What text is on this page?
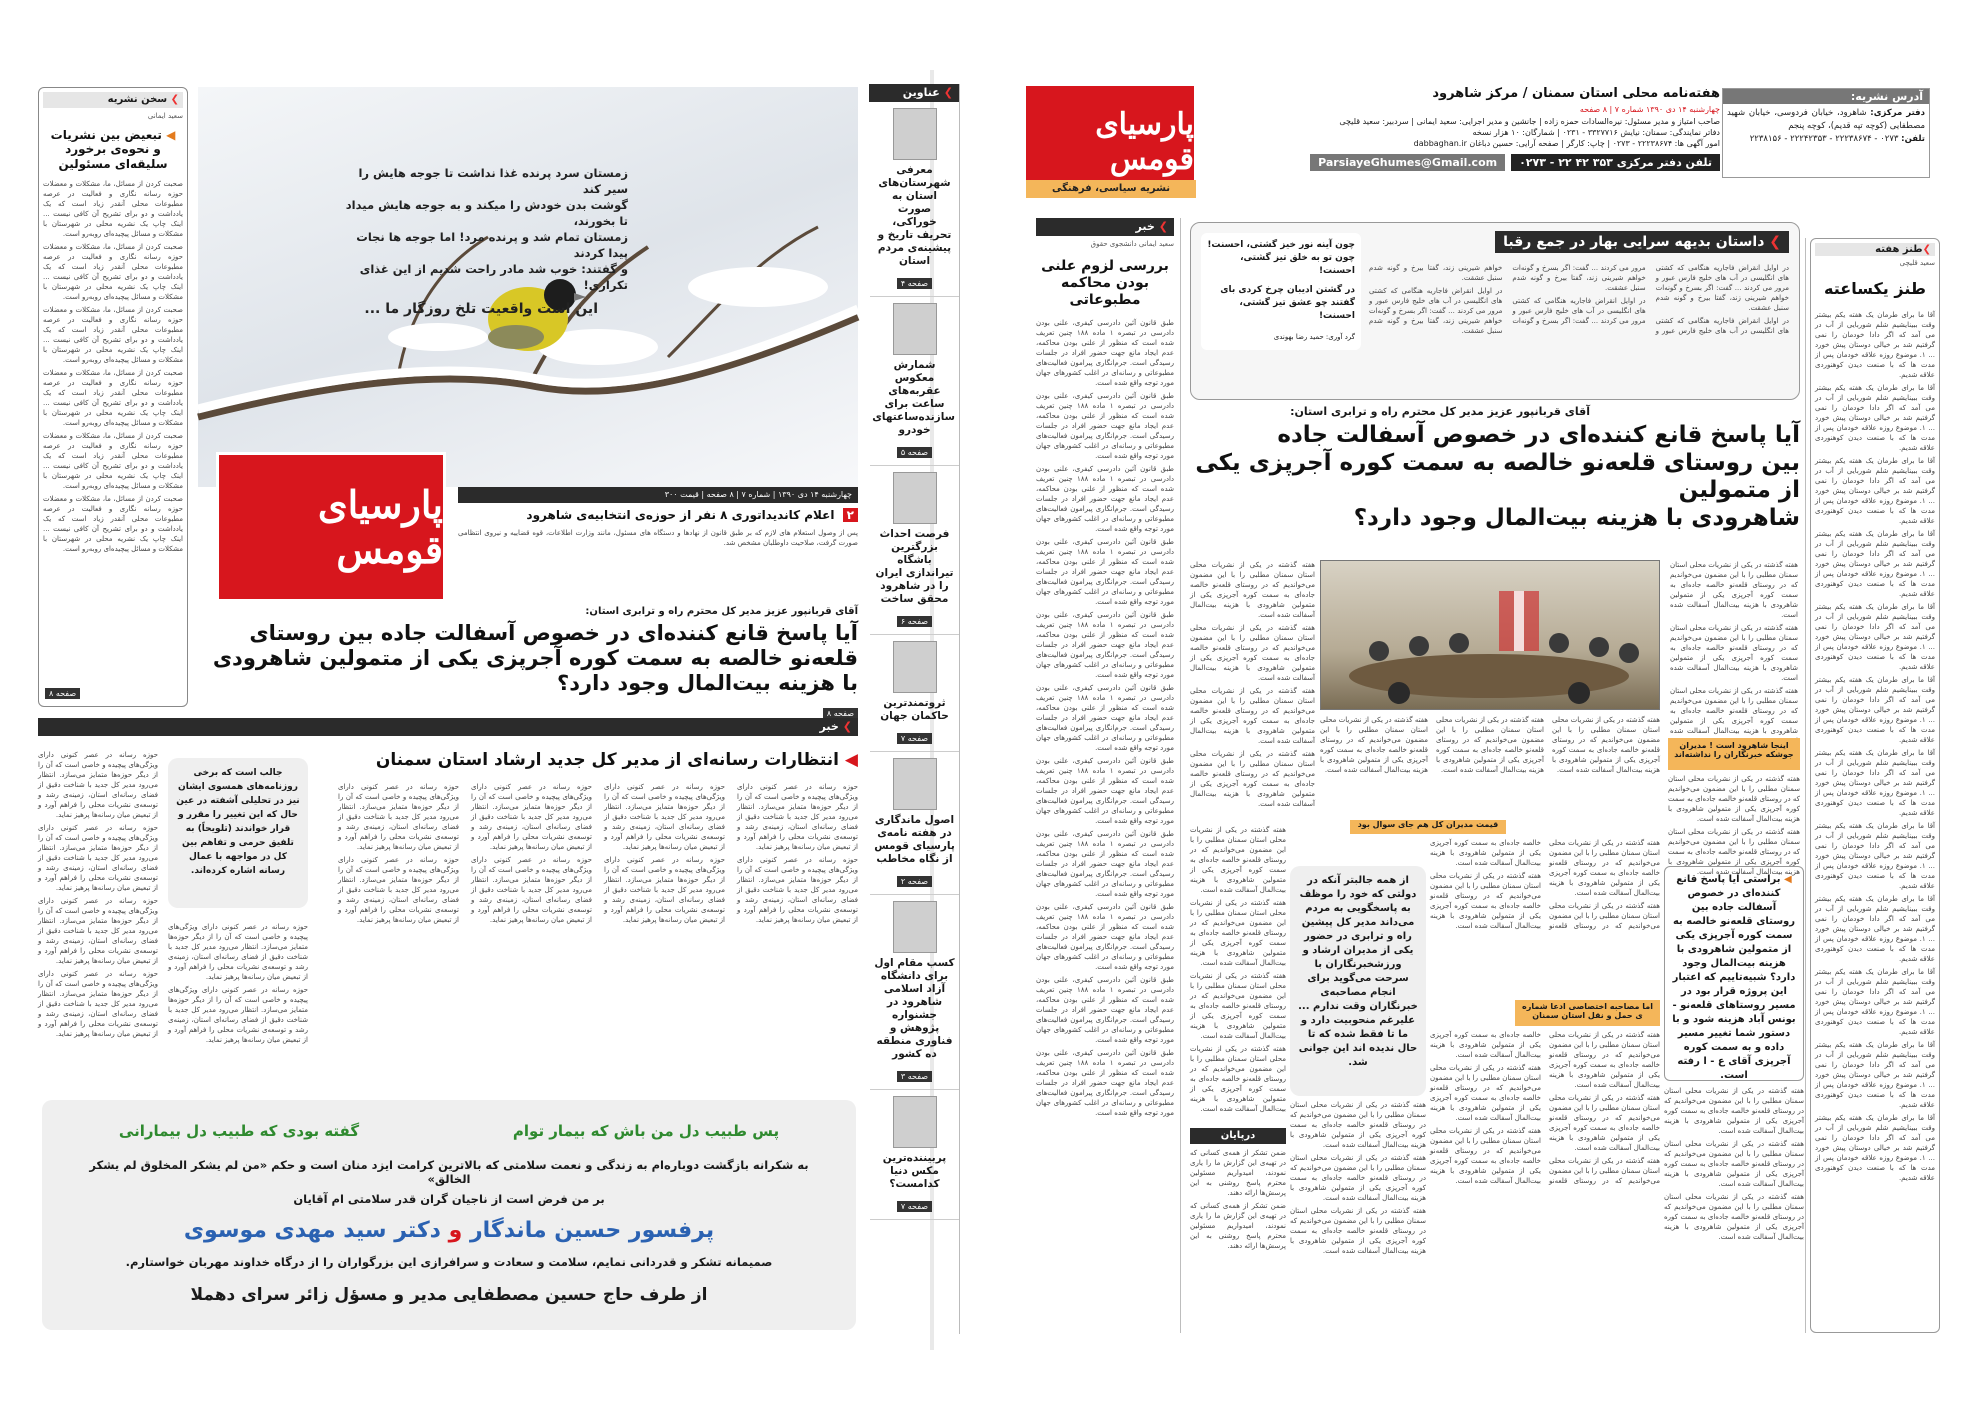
❯ سخن نشریه
سعید ایمانی
◀ تبعیض بین نشریات و نحوه‌ی برخورد سلیقه‌ای مسئولین

صحبت کردن از مسائل، ما، مشکلات و معضلات حوزه رسانه نگاری و فعالیت در عرصه مطبوعات محلی آنقدر زیاد است که یک یادداشت و دو برای تشریح آن کافی نیست ... اینک چاپ یک نشریه محلی در شهرستان با مشکلات و مسائل پیچیده‌ای روبه‌رو است.

صحبت کردن از مسائل، ما، مشکلات و معضلات حوزه رسانه نگاری و فعالیت در عرصه مطبوعات محلی آنقدر زیاد است که یک یادداشت و دو برای تشریح آن کافی نیست ... اینک چاپ یک نشریه محلی در شهرستان با مشکلات و مسائل پیچیده‌ای روبه‌رو است.

صحبت کردن از مسائل، ما، مشکلات و معضلات حوزه رسانه نگاری و فعالیت در عرصه مطبوعات محلی آنقدر زیاد است که یک یادداشت و دو برای تشریح آن کافی نیست ... اینک چاپ یک نشریه محلی در شهرستان با مشکلات و مسائل پیچیده‌ای روبه‌رو است.

صحبت کردن از مسائل، ما، مشکلات و معضلات حوزه رسانه نگاری و فعالیت در عرصه مطبوعات محلی آنقدر زیاد است که یک یادداشت و دو برای تشریح آن کافی نیست ... اینک چاپ یک نشریه محلی در شهرستان با مشکلات و مسائل پیچیده‌ای روبه‌رو است.

صحبت کردن از مسائل، ما، مشکلات و معضلات حوزه رسانه نگاری و فعالیت در عرصه مطبوعات محلی آنقدر زیاد است که یک یادداشت و دو برای تشریح آن کافی نیست ... اینک چاپ یک نشریه محلی در شهرستان با مشکلات و مسائل پیچیده‌ای روبه‌رو است.

صحبت کردن از مسائل، ما، مشکلات و معضلات حوزه رسانه نگاری و فعالیت در عرصه مطبوعات محلی آنقدر زیاد است که یک یادداشت و دو برای تشریح آن کافی نیست ... اینک چاپ یک نشریه محلی در شهرستان با مشکلات و مسائل پیچیده‌ای روبه‌رو است.

صفحه ۸
زمستان سرد پرنده غذا نداشت تا جوجه هایش را سیر کند
گوشت بدن خودش را میکند و به جوجه هایش میداد تا بخورند،
زمستان تمام شد و پرنده مرد! اما جوجه ها نجات پیدا کردند
و گفتند: خوب شد مادر راحت شدیم از این غذای تکراری!
این است واقعیت تلخ روزگار ما ...
پارسیای قومس
چهارشنبه ۱۴ دی ۱۳۹۰ | شماره ۷ | ۸ صفحه | قیمت ۳۰۰
۲ اعلام کاندیداتوری ۸ نفر از حوزه‌ی انتخابیه‌ی شاهرود
پس از وصول استعلام های لازم که بر طبق قانون از نهادها و دستگاه های مسئول، مانند وزارت اطلاعات، قوه قضاییه و نیروی انتظامی صورت گرفت، صلاحیت داوطلبان مشخص شد.
آقای قربانپور عزیز مدیر کل محترم راه و ترابری استان:
آیا پاسخ قانع کننده‌ای در خصوص آسفالت جاده بین روستای قلعه‌نو خالصه به سمت کوره آجرپزی یکی از متمولین شاهرودی با هزینه بیت‌المال وجود دارد؟
صفحه ۸
❯عناوین
معرفی شهرستان‌های استان به صورت خوراکی، تحریف تاریخ و پیشینه‌ی مردم استان
صفحه ۴
شمارش معکوس عقربه‌های ساعت برای سازنده‌ساعتهای خودرو
صفحه ۵
فرصت احداث بزرگترین باشگاه تیراندازی ایران را در شاهرود محقق ساخت
صفحه ۶
ثروتمندترین حاکمان جهان
صفحه ۷
اصول ماندگاری در هفته نامه‌ی پارسیای قومس از نگاه مخاطب
صفحه ۲
کسب مقام اول برای دانشگاه آزاد اسلامی شاهرود در جشنواره پژوهش و فناوری منطقه ده کشور
صفحه ۳
پربیننده‌ترین مکس دنیا کدامست؟
صفحه ۷
❯خبر
◀ انتظارات رسانه‌ای از مدیر کل جدید ارشاد استان سمنان

حوزه رسانه در عصر کنونی دارای ویژگی‌های پیچیده و خاصی است که آن را از دیگر حوزه‌ها متمایز می‌سازد. انتظار می‌رود مدیر کل جدید با شناخت دقیق از فضای رسانه‌ای استان، زمینه‌ی رشد و توسعه‌ی نشریات محلی را فراهم آورد و از تبعیض میان رسانه‌ها پرهیز نماید.

حوزه رسانه در عصر کنونی دارای ویژگی‌های پیچیده و خاصی است که آن را از دیگر حوزه‌ها متمایز می‌سازد. انتظار می‌رود مدیر کل جدید با شناخت دقیق از فضای رسانه‌ای استان، زمینه‌ی رشد و توسعه‌ی نشریات محلی را فراهم آورد و از تبعیض میان رسانه‌ها پرهیز نماید.

حوزه رسانه در عصر کنونی دارای ویژگی‌های پیچیده و خاصی است که آن را از دیگر حوزه‌ها متمایز می‌سازد. انتظار می‌رود مدیر کل جدید با شناخت دقیق از فضای رسانه‌ای استان، زمینه‌ی رشد و توسعه‌ی نشریات محلی را فراهم آورد و از تبعیض میان رسانه‌ها پرهیز نماید.

حوزه رسانه در عصر کنونی دارای ویژگی‌های پیچیده و خاصی است که آن را از دیگر حوزه‌ها متمایز می‌سازد. انتظار می‌رود مدیر کل جدید با شناخت دقیق از فضای رسانه‌ای استان، زمینه‌ی رشد و توسعه‌ی نشریات محلی را فراهم آورد و از تبعیض میان رسانه‌ها پرهیز نماید.

حوزه رسانه در عصر کنونی دارای ویژگی‌های پیچیده و خاصی است که آن را از دیگر حوزه‌ها متمایز می‌سازد. انتظار می‌رود مدیر کل جدید با شناخت دقیق از فضای رسانه‌ای استان، زمینه‌ی رشد و توسعه‌ی نشریات محلی را فراهم آورد و از تبعیض میان رسانه‌ها پرهیز نماید.

حوزه رسانه در عصر کنونی دارای ویژگی‌های پیچیده و خاصی است که آن را از دیگر حوزه‌ها متمایز می‌سازد. انتظار می‌رود مدیر کل جدید با شناخت دقیق از فضای رسانه‌ای استان، زمینه‌ی رشد و توسعه‌ی نشریات محلی را فراهم آورد و از تبعیض میان رسانه‌ها پرهیز نماید.

حوزه رسانه در عصر کنونی دارای ویژگی‌های پیچیده و خاصی است که آن را از دیگر حوزه‌ها متمایز می‌سازد. انتظار می‌رود مدیر کل جدید با شناخت دقیق از فضای رسانه‌ای استان، زمینه‌ی رشد و توسعه‌ی نشریات محلی را فراهم آورد و از تبعیض میان رسانه‌ها پرهیز نماید.

حوزه رسانه در عصر کنونی دارای ویژگی‌های پیچیده و خاصی است که آن را از دیگر حوزه‌ها متمایز می‌سازد. انتظار می‌رود مدیر کل جدید با شناخت دقیق از فضای رسانه‌ای استان، زمینه‌ی رشد و توسعه‌ی نشریات محلی را فراهم آورد و از تبعیض میان رسانه‌ها پرهیز نماید.

جالب است که برخی روزنامه‌های همسوی ایشان نیز در تحلیلی آشفته در عین حال که این تغییر را مقرر و قرار خواندند (تلویحاً) به تلفیق حرمی و تفاهم بین کل در مواجهه با عمال رسانه اشاره کرده‌اند.

حوزه رسانه در عصر کنونی دارای ویژگی‌های پیچیده و خاصی است که آن را از دیگر حوزه‌ها متمایز می‌سازد. انتظار می‌رود مدیر کل جدید با شناخت دقیق از فضای رسانه‌ای استان، زمینه‌ی رشد و توسعه‌ی نشریات محلی را فراهم آورد و از تبعیض میان رسانه‌ها پرهیز نماید.

حوزه رسانه در عصر کنونی دارای ویژگی‌های پیچیده و خاصی است که آن را از دیگر حوزه‌ها متمایز می‌سازد. انتظار می‌رود مدیر کل جدید با شناخت دقیق از فضای رسانه‌ای استان، زمینه‌ی رشد و توسعه‌ی نشریات محلی را فراهم آورد و از تبعیض میان رسانه‌ها پرهیز نماید.

حوزه رسانه در عصر کنونی دارای ویژگی‌های پیچیده و خاصی است که آن را از دیگر حوزه‌ها متمایز می‌سازد. انتظار می‌رود مدیر کل جدید با شناخت دقیق از فضای رسانه‌ای استان، زمینه‌ی رشد و توسعه‌ی نشریات محلی را فراهم آورد و از تبعیض میان رسانه‌ها پرهیز نماید.

حوزه رسانه در عصر کنونی دارای ویژگی‌های پیچیده و خاصی است که آن را از دیگر حوزه‌ها متمایز می‌سازد. انتظار می‌رود مدیر کل جدید با شناخت دقیق از فضای رسانه‌ای استان، زمینه‌ی رشد و توسعه‌ی نشریات محلی را فراهم آورد و از تبعیض میان رسانه‌ها پرهیز نماید.

حوزه رسانه در عصر کنونی دارای ویژگی‌های پیچیده و خاصی است که آن را از دیگر حوزه‌ها متمایز می‌سازد. انتظار می‌رود مدیر کل جدید با شناخت دقیق از فضای رسانه‌ای استان، زمینه‌ی رشد و توسعه‌ی نشریات محلی را فراهم آورد و از تبعیض میان رسانه‌ها پرهیز نماید.

حوزه رسانه در عصر کنونی دارای ویژگی‌های پیچیده و خاصی است که آن را از دیگر حوزه‌ها متمایز می‌سازد. انتظار می‌رود مدیر کل جدید با شناخت دقیق از فضای رسانه‌ای استان، زمینه‌ی رشد و توسعه‌ی نشریات محلی را فراهم آورد و از تبعیض میان رسانه‌ها پرهیز نماید.

پس طبیب دل من باش که بیمار توام
گفته بودی که طبیب دل بیمارانی
به شکرانه بازگشت دوباره‌ام به زندگی و نعمت سلامتی که بالاترین کرامت ایزد منان است و حکم «من لم یشکر المخلوق لم یشکر الخالق»
بر من فرض است از ناجیان گران قدر سلامتی ام آقایان
پرفسور حسین ماندگار و دکتر سید مهدی موسوی
صمیمانه تشکر و قدردانی نمایم، سلامت و سعادت و سرافرازی این بزرگواران را از درگاه خداوند مهربان خواستارم.
از طرف حاج حسین مصطفایی مدیر و مسؤل زائر سرای دهملا
پارسیای قومس
نشریه سیاسی، فرهنگی
هفته‌نامه محلی استان سمنان / مرکز شاهرود
چهارشنبه ۱۴ دی ۱۳۹۰ شماره ۷ | ۸ صفحه
صاحب امتیاز و مدیر مسئول: نیره‌السادات حمزه زاده | جانشین و مدیر اجرایی: سعید ایمانی | سردبیر: سعید قلیچی
دفاتر نمایندگی: سمنان: نیایش ۳۳۲۷۷۱۶ - ۰۲۳۱ | شمارگان: ۱۰ هزار نسخه
امور آگهی ها: ۲۲۲۳۸۶۷۴ - ۰۲۷۳ | چاپ: کارگر | صفحه آرایی: حسین دباغان dabbaghan.ir
تلفن دفتر مرکزی ۳۵۳ ۴۲ ۲۲ - ۰۲۷۳
ParsiayeGhumes@Gmail.com
آدرس نشریه:
دفتر مرکزی: شاهرود، خیابان فردوسی، خیابان شهید مصطفایی (کوچه تپه قدیم)، کوچه پنجم
تلفن: ۰۲۷۳ - ۲۲۲۳۸۶۷۴ - ۲۲۲۴۲۳۵۳ - ۲۲۳۸۱۵۶
❯طنز هفته
سعید قلیچی
طنز یکساعته

آقا ما برای طرمان یک هفته یکم بیشتر وقت ببینایشیم شلم شوربایی از آب در می آمد که اگر دادا خودمان را نمی گرفتیم شد بر خیالی دوستان پیش خورد ... ۱. موضوع روزه علاقه خودمان پس از مدت ها که با صنعت دیدن کوهنوردی علاقه شدیم.

آقا ما برای طرمان یک هفته یکم بیشتر وقت ببینایشیم شلم شوربایی از آب در می آمد که اگر دادا خودمان را نمی گرفتیم شد بر خیالی دوستان پیش خورد ... ۱. موضوع روزه علاقه خودمان پس از مدت ها که با صنعت دیدن کوهنوردی علاقه شدیم.

آقا ما برای طرمان یک هفته یکم بیشتر وقت ببینایشیم شلم شوربایی از آب در می آمد که اگر دادا خودمان را نمی گرفتیم شد بر خیالی دوستان پیش خورد ... ۱. موضوع روزه علاقه خودمان پس از مدت ها که با صنعت دیدن کوهنوردی علاقه شدیم.

آقا ما برای طرمان یک هفته یکم بیشتر وقت ببینایشیم شلم شوربایی از آب در می آمد که اگر دادا خودمان را نمی گرفتیم شد بر خیالی دوستان پیش خورد ... ۱. موضوع روزه علاقه خودمان پس از مدت ها که با صنعت دیدن کوهنوردی علاقه شدیم.

آقا ما برای طرمان یک هفته یکم بیشتر وقت ببینایشیم شلم شوربایی از آب در می آمد که اگر دادا خودمان را نمی گرفتیم شد بر خیالی دوستان پیش خورد ... ۱. موضوع روزه علاقه خودمان پس از مدت ها که با صنعت دیدن کوهنوردی علاقه شدیم.

آقا ما برای طرمان یک هفته یکم بیشتر وقت ببینایشیم شلم شوربایی از آب در می آمد که اگر دادا خودمان را نمی گرفتیم شد بر خیالی دوستان پیش خورد ... ۱. موضوع روزه علاقه خودمان پس از مدت ها که با صنعت دیدن کوهنوردی علاقه شدیم.

آقا ما برای طرمان یک هفته یکم بیشتر وقت ببینایشیم شلم شوربایی از آب در می آمد که اگر دادا خودمان را نمی گرفتیم شد بر خیالی دوستان پیش خورد ... ۱. موضوع روزه علاقه خودمان پس از مدت ها که با صنعت دیدن کوهنوردی علاقه شدیم.

آقا ما برای طرمان یک هفته یکم بیشتر وقت ببینایشیم شلم شوربایی از آب در می آمد که اگر دادا خودمان را نمی گرفتیم شد بر خیالی دوستان پیش خورد ... ۱. موضوع روزه علاقه خودمان پس از مدت ها که با صنعت دیدن کوهنوردی علاقه شدیم.

آقا ما برای طرمان یک هفته یکم بیشتر وقت ببینایشیم شلم شوربایی از آب در می آمد که اگر دادا خودمان را نمی گرفتیم شد بر خیالی دوستان پیش خورد ... ۱. موضوع روزه علاقه خودمان پس از مدت ها که با صنعت دیدن کوهنوردی علاقه شدیم.

آقا ما برای طرمان یک هفته یکم بیشتر وقت ببینایشیم شلم شوربایی از آب در می آمد که اگر دادا خودمان را نمی گرفتیم شد بر خیالی دوستان پیش خورد ... ۱. موضوع روزه علاقه خودمان پس از مدت ها که با صنعت دیدن کوهنوردی علاقه شدیم.

آقا ما برای طرمان یک هفته یکم بیشتر وقت ببینایشیم شلم شوربایی از آب در می آمد که اگر دادا خودمان را نمی گرفتیم شد بر خیالی دوستان پیش خورد ... ۱. موضوع روزه علاقه خودمان پس از مدت ها که با صنعت دیدن کوهنوردی علاقه شدیم.

آقا ما برای طرمان یک هفته یکم بیشتر وقت ببینایشیم شلم شوربایی از آب در می آمد که اگر دادا خودمان را نمی گرفتیم شد بر خیالی دوستان پیش خورد ... ۱. موضوع روزه علاقه خودمان پس از مدت ها که با صنعت دیدن کوهنوردی علاقه شدیم.

❯خبر
سعید ایمانی دانشجوی حقوق
بررسی لزوم علنی بودن محاکمه مطبوعاتی

طبق قانون آئین دادرسی کیفری، علنی بودن دادرسی در تبصره ۱ ماده ۱۸۸ چنین تعریف شده است که منظور از علنی بودن محاکمه، عدم ایجاد مانع جهت حضور افراد در جلسات رسیدگی است. جرم‌انگاری پیرامون فعالیت‌های مطبوعاتی و رسانه‌ای در اغلب کشورهای جهان مورد توجه واقع شده است.

طبق قانون آئین دادرسی کیفری، علنی بودن دادرسی در تبصره ۱ ماده ۱۸۸ چنین تعریف شده است که منظور از علنی بودن محاکمه، عدم ایجاد مانع جهت حضور افراد در جلسات رسیدگی است. جرم‌انگاری پیرامون فعالیت‌های مطبوعاتی و رسانه‌ای در اغلب کشورهای جهان مورد توجه واقع شده است.

طبق قانون آئین دادرسی کیفری، علنی بودن دادرسی در تبصره ۱ ماده ۱۸۸ چنین تعریف شده است که منظور از علنی بودن محاکمه، عدم ایجاد مانع جهت حضور افراد در جلسات رسیدگی است. جرم‌انگاری پیرامون فعالیت‌های مطبوعاتی و رسانه‌ای در اغلب کشورهای جهان مورد توجه واقع شده است.

طبق قانون آئین دادرسی کیفری، علنی بودن دادرسی در تبصره ۱ ماده ۱۸۸ چنین تعریف شده است که منظور از علنی بودن محاکمه، عدم ایجاد مانع جهت حضور افراد در جلسات رسیدگی است. جرم‌انگاری پیرامون فعالیت‌های مطبوعاتی و رسانه‌ای در اغلب کشورهای جهان مورد توجه واقع شده است.

طبق قانون آئین دادرسی کیفری، علنی بودن دادرسی در تبصره ۱ ماده ۱۸۸ چنین تعریف شده است که منظور از علنی بودن محاکمه، عدم ایجاد مانع جهت حضور افراد در جلسات رسیدگی است. جرم‌انگاری پیرامون فعالیت‌های مطبوعاتی و رسانه‌ای در اغلب کشورهای جهان مورد توجه واقع شده است.

طبق قانون آئین دادرسی کیفری، علنی بودن دادرسی در تبصره ۱ ماده ۱۸۸ چنین تعریف شده است که منظور از علنی بودن محاکمه، عدم ایجاد مانع جهت حضور افراد در جلسات رسیدگی است. جرم‌انگاری پیرامون فعالیت‌های مطبوعاتی و رسانه‌ای در اغلب کشورهای جهان مورد توجه واقع شده است.

طبق قانون آئین دادرسی کیفری، علنی بودن دادرسی در تبصره ۱ ماده ۱۸۸ چنین تعریف شده است که منظور از علنی بودن محاکمه، عدم ایجاد مانع جهت حضور افراد در جلسات رسیدگی است. جرم‌انگاری پیرامون فعالیت‌های مطبوعاتی و رسانه‌ای در اغلب کشورهای جهان مورد توجه واقع شده است.

طبق قانون آئین دادرسی کیفری، علنی بودن دادرسی در تبصره ۱ ماده ۱۸۸ چنین تعریف شده است که منظور از علنی بودن محاکمه، عدم ایجاد مانع جهت حضور افراد در جلسات رسیدگی است. جرم‌انگاری پیرامون فعالیت‌های مطبوعاتی و رسانه‌ای در اغلب کشورهای جهان مورد توجه واقع شده است.

طبق قانون آئین دادرسی کیفری، علنی بودن دادرسی در تبصره ۱ ماده ۱۸۸ چنین تعریف شده است که منظور از علنی بودن محاکمه، عدم ایجاد مانع جهت حضور افراد در جلسات رسیدگی است. جرم‌انگاری پیرامون فعالیت‌های مطبوعاتی و رسانه‌ای در اغلب کشورهای جهان مورد توجه واقع شده است.

طبق قانون آئین دادرسی کیفری، علنی بودن دادرسی در تبصره ۱ ماده ۱۸۸ چنین تعریف شده است که منظور از علنی بودن محاکمه، عدم ایجاد مانع جهت حضور افراد در جلسات رسیدگی است. جرم‌انگاری پیرامون فعالیت‌های مطبوعاتی و رسانه‌ای در اغلب کشورهای جهان مورد توجه واقع شده است.

طبق قانون آئین دادرسی کیفری، علنی بودن دادرسی در تبصره ۱ ماده ۱۸۸ چنین تعریف شده است که منظور از علنی بودن محاکمه، عدم ایجاد مانع جهت حضور افراد در جلسات رسیدگی است. جرم‌انگاری پیرامون فعالیت‌های مطبوعاتی و رسانه‌ای در اغلب کشورهای جهان مورد توجه واقع شده است.

❯ داستان بدیهه سرایی بهار در جمع رقبا

در اوایل انقراض فاجاریه هنگامی که کشتی های انگلیسی در آب های خلیج فارس عبور و مرور می کردند ... گفت: اگر بسرخ و گونه‌ات خواهم شیرینی زند، گفتا بیرخ و گونه شدم سنبل عشقت.

در اوایل انقراض فاجاریه هنگامی که کشتی های انگلیسی در آب های خلیج فارس عبور و مرور می کردند ... گفت: اگر بسرخ و گونه‌ات خواهم شیرینی زند، گفتا بیرخ و گونه شدم سنبل عشقت.

در اوایل انقراض فاجاریه هنگامی که کشتی های انگلیسی در آب های خلیج فارس عبور و مرور می کردند ... گفت: اگر بسرخ و گونه‌ات خواهم شیرینی زند، گفتا بیرخ و گونه شدم سنبل عشقت.

در اوایل انقراض فاجاریه هنگامی که کشتی های انگلیسی در آب های خلیج فارس عبور و مرور می کردند ... گفت: اگر بسرخ و گونه‌ات خواهم شیرینی زند، گفتا بیرخ و گونه شدم سنبل عشقت.

چون آینه نور خیز گشتی، احسنت! چون تو به خلق تیز گشتی، احسنت!
در گشتن ادیبان چرخ کردی بای گفتند چو عشق تیز گشتی، احسنت!
گرد آوری: حمید رضا بهوندی
آقای قربانپور عزیز مدیر کل محترم راه و ترابری استان:
آیا پاسخ قانع کننده‌ای در خصوص آسفالت جاده
بین روستای قلعه‌نو خالصه به سمت کوره آجرپزی یکی از متمولین
شاهرودی با هزینه بیت‌المال وجود دارد؟

هفته گذشته در یکی از نشریات محلی استان سمنان مطلبی را با این مضمون می‌خواندیم که در روستای قلعه‌نو خالصه جاده‌ای به سمت کوره آجرپزی یکی از متمولین شاهرودی با هزینه بیت‌المال آسفالت شده است.

هفته گذشته در یکی از نشریات محلی استان سمنان مطلبی را با این مضمون می‌خواندیم که در روستای قلعه‌نو خالصه جاده‌ای به سمت کوره آجرپزی یکی از متمولین شاهرودی با هزینه بیت‌المال آسفالت شده است.

هفته گذشته در یکی از نشریات محلی استان سمنان مطلبی را با این مضمون می‌خواندیم که در روستای قلعه‌نو خالصه جاده‌ای به سمت کوره آجرپزی یکی از متمولین شاهرودی با هزینه بیت‌المال آسفالت شده

هفته گذشته در یکی از نشریات محلی استان سمنان مطلبی را با این مضمون می‌خواندیم که در روستای قلعه‌نو خالصه جاده‌ای به سمت کوره آجرپزی یکی از متمولین شاهرودی با هزینه بیت‌المال آسفالت شده است.

هفته گذشته در یکی از نشریات محلی استان سمنان مطلبی را با این مضمون می‌خواندیم که در روستای قلعه‌نو خالصه جاده‌ای به سمت کوره آجرپزی یکی از متمولین شاهرودی با هزینه بیت‌المال آسفالت شده است.

هفته گذشته در یکی از نشریات محلی استان سمنان مطلبی را با این مضمون می‌خواندیم که در روستای قلعه‌نو خالصه جاده‌ای به سمت کوره آجرپزی یکی از متمولین شاهرودی با هزینه بیت‌المال آسفالت شده است.

هفته گذشته در یکی از نشریات محلی استان سمنان مطلبی را با این مضمون می‌خواندیم که در روستای قلعه‌نو خالصه جاده‌ای به سمت کوره آجرپزی یکی از متمولین شاهرودی با هزینه بیت‌المال آسفالت شده است.

هفته گذشته در یکی از نشریات محلی استان سمنان مطلبی را با این مضمون می‌خواندیم که در روستای قلعه‌نو خالصه جاده‌ای به سمت کوره آجرپزی یکی از متمولین شاهرودی با هزینه بیت‌المال آسفالت شده است.

هفته گذشته در یکی از نشریات محلی استان سمنان مطلبی را با این مضمون می‌خواندیم که در روستای قلعه‌نو خالصه جاده‌ای به سمت کوره آجرپزی یکی از متمولین شاهرودی با هزینه بیت‌المال آسفالت شده است.

هفته گذشته در یکی از نشریات محلی استان سمنان مطلبی را با این مضمون می‌خواندیم که در روستای قلعه‌نو خالصه جاده‌ای به سمت کوره آجرپزی یکی از متمولین شاهرودی با هزینه بیت‌المال آسفالت شده است.

اینجا شاهرود است ! مدیران جوشکه خبرنگاران را نداشته‌اند

هفته گذشته در یکی از نشریات محلی استان سمنان مطلبی را با این مضمون می‌خواندیم که در روستای قلعه‌نو خالصه جاده‌ای به سمت کوره آجرپزی یکی از متمولین شاهرودی با هزینه بیت‌المال آسفالت شده است.

هفته گذشته در یکی از نشریات محلی استان سمنان مطلبی را با این مضمون می‌خواندیم که در روستای قلعه‌نو خالصه جاده‌ای به سمت کوره آجرپزی یکی از متمولین شاهرودی با هزینه بیت‌المال آسفالت شده است.

◀ براستی آیا پاسخ قانع کننده‌ای در خصوص آسفالت جاده بین روستای قلعه‌نو خالصه به سمت کوره آجرپزی یکی از متمولین شاهرودی با هزینه بیت‌المال وجود دارد؟ شبیه‌تاییم که اعتبار این پروژه قرار بود در مسیر روستاهای قلعه‌نو - بونس آباد هزینه شود و با دستور شما تغییر مسیر داده و به سمت کوره آجرپزی آقای ع - ا رفته است.
از همه جالبتر آنکه در دولتی که خود را موظف به پاسخگویی به مردم می‌داند مدیر کل پیشین راه و ترابری در حضور یکی از مدیران ارشاد و ورزشخبرنگاران با سرحت می‌گوید برای انجام مصاحبه‌ی خبرنگاران وقت ندارم ... علیرغم منحوبیت دارد و ما تا فقط شده که تا حال نديده اند این جوانی شد.
قیمت مدیران کل هم جای سوال بود

هفته گذشته در یکی از نشریات محلی استان سمنان مطلبی را با این مضمون می‌خواندیم که در روستای قلعه‌نو خالصه جاده‌ای به سمت کوره آجرپزی یکی از متمولین شاهرودی با هزینه بیت‌المال آسفالت شده است.

هفته گذشته در یکی از نشریات محلی استان سمنان مطلبی را با این مضمون می‌خواندیم که در روستای قلعه‌نو خالصه جاده‌ای به سمت کوره آجرپزی یکی از متمولین شاهرودی با هزینه بیت‌المال آسفالت شده است.

هفته گذشته در یکی از نشریات محلی استان سمنان مطلبی را با این مضمون می‌خواندیم که در روستای قلعه‌نو خالصه جاده‌ای به سمت کوره آجرپزی یکی از متمولین شاهرودی با هزینه بیت‌المال آسفالت شده است.

اما مصاحبه اختصاصی ادعا شماره ی حمل و نقل استان سمنان

هفته گذشته در یکی از نشریات محلی استان سمنان مطلبی را با این مضمون می‌خواندیم که در روستای قلعه‌نو خالصه جاده‌ای به سمت کوره آجرپزی یکی از متمولین شاهرودی با هزینه بیت‌المال آسفالت شده است.

هفته گذشته در یکی از نشریات محلی استان سمنان مطلبی را با این مضمون می‌خواندیم که در روستای قلعه‌نو خالصه جاده‌ای به سمت کوره آجرپزی یکی از متمولین شاهرودی با هزینه بیت‌المال آسفالت شده است.

هفته گذشته در یکی از نشریات محلی استان سمنان مطلبی را با این مضمون می‌خواندیم که در روستای قلعه‌نو خالصه جاده‌ای به سمت کوره آجرپزی یکی از متمولین شاهرودی با هزینه بیت‌المال آسفالت شده است.

هفته گذشته در یکی از نشریات محلی استان سمنان مطلبی را با این مضمون می‌خواندیم که در روستای قلعه‌نو خالصه جاده‌ای به سمت کوره آجرپزی یکی از متمولین شاهرودی با هزینه بیت‌المال آسفالت شده است.

هفته گذشته در یکی از نشریات محلی استان سمنان مطلبی را با این مضمون می‌خواندیم که در روستای قلعه‌نو خالصه جاده‌ای به سمت کوره آجرپزی یکی از متمولین شاهرودی با هزینه بیت‌المال آسفالت شده است.

هفته گذشته در یکی از نشریات محلی استان سمنان مطلبی را با این مضمون می‌خواندیم که در روستای قلعه‌نو خالصه جاده‌ای به سمت کوره آجرپزی یکی از متمولین شاهرودی با هزینه بیت‌المال آسفالت شده است.

هفته گذشته در یکی از نشریات محلی استان سمنان مطلبی را با این مضمون می‌خواندیم که در روستای قلعه‌نو خالصه جاده‌ای به سمت کوره آجرپزی یکی از متمولین شاهرودی با هزینه بیت‌المال آسفالت شده است.

هفته گذشته در یکی از نشریات محلی استان سمنان مطلبی را با این مضمون می‌خواندیم که در روستای قلعه‌نو خالصه جاده‌ای به سمت کوره آجرپزی یکی از متمولین شاهرودی با هزینه بیت‌المال آسفالت شده است.

هفته گذشته در یکی از نشریات محلی استان سمنان مطلبی را با این مضمون می‌خواندیم که در روستای قلعه‌نو خالصه جاده‌ای به سمت کوره آجرپزی یکی از متمولین شاهرودی با هزینه بیت‌المال آسفالت شده است.

هفته گذشته در یکی از نشریات محلی استان سمنان مطلبی را با این مضمون می‌خواندیم که در روستای قلعه‌نو خالصه جاده‌ای به سمت کوره آجرپزی یکی از متمولین شاهرودی با هزینه بیت‌المال آسفالت شده است.

هفته گذشته در یکی از نشریات محلی استان سمنان مطلبی را با این مضمون می‌خواندیم که در روستای قلعه‌نو خالصه جاده‌ای به سمت کوره آجرپزی یکی از متمولین شاهرودی با هزینه بیت‌المال آسفالت شده است.

هفته گذشته در یکی از نشریات محلی استان سمنان مطلبی را با این مضمون می‌خواندیم که در روستای قلعه‌نو خالصه جاده‌ای به سمت کوره آجرپزی یکی از متمولین شاهرودی با هزینه بیت‌المال آسفالت شده است. هفته گذشته در یکی از نشریات محلی استان سمنان مطلبی را با این مضمون می‌خواندیم که در روستای قلعه‌نو خالصه جاده‌ای به سمت کوره آجرپزی یکی از متمولین شاهرودی با هزینه بیت‌المال آسفالت شده است.

هفته گذشته در یکی از نشریات محلی استان سمنان مطلبی را با این مضمون می‌خواندیم که در روستای قلعه‌نو خالصه جاده‌ای به سمت کوره آجرپزی یکی از متمولین شاهرودی با هزینه بیت‌المال آسفالت شده است.

هفته گذشته در یکی از نشریات محلی استان سمنان مطلبی را با این مضمون می‌خواندیم که در روستای قلعه‌نو خالصه جاده‌ای به سمت کوره آجرپزی یکی از متمولین شاهرودی با هزینه بیت‌المال آسفالت شده است.

درپایان

ضمن تشکر از همه‌ی کسانی که در تهیه‌ی این گزارش ما را یاری نمودند، امیدواریم مسئولین محترم پاسخ روشنی به این پرسش‌ها ارائه دهند.

ضمن تشکر از همه‌ی کسانی که در تهیه‌ی این گزارش ما را یاری نمودند، امیدواریم مسئولین محترم پاسخ روشنی به این پرسش‌ها ارائه دهند.
